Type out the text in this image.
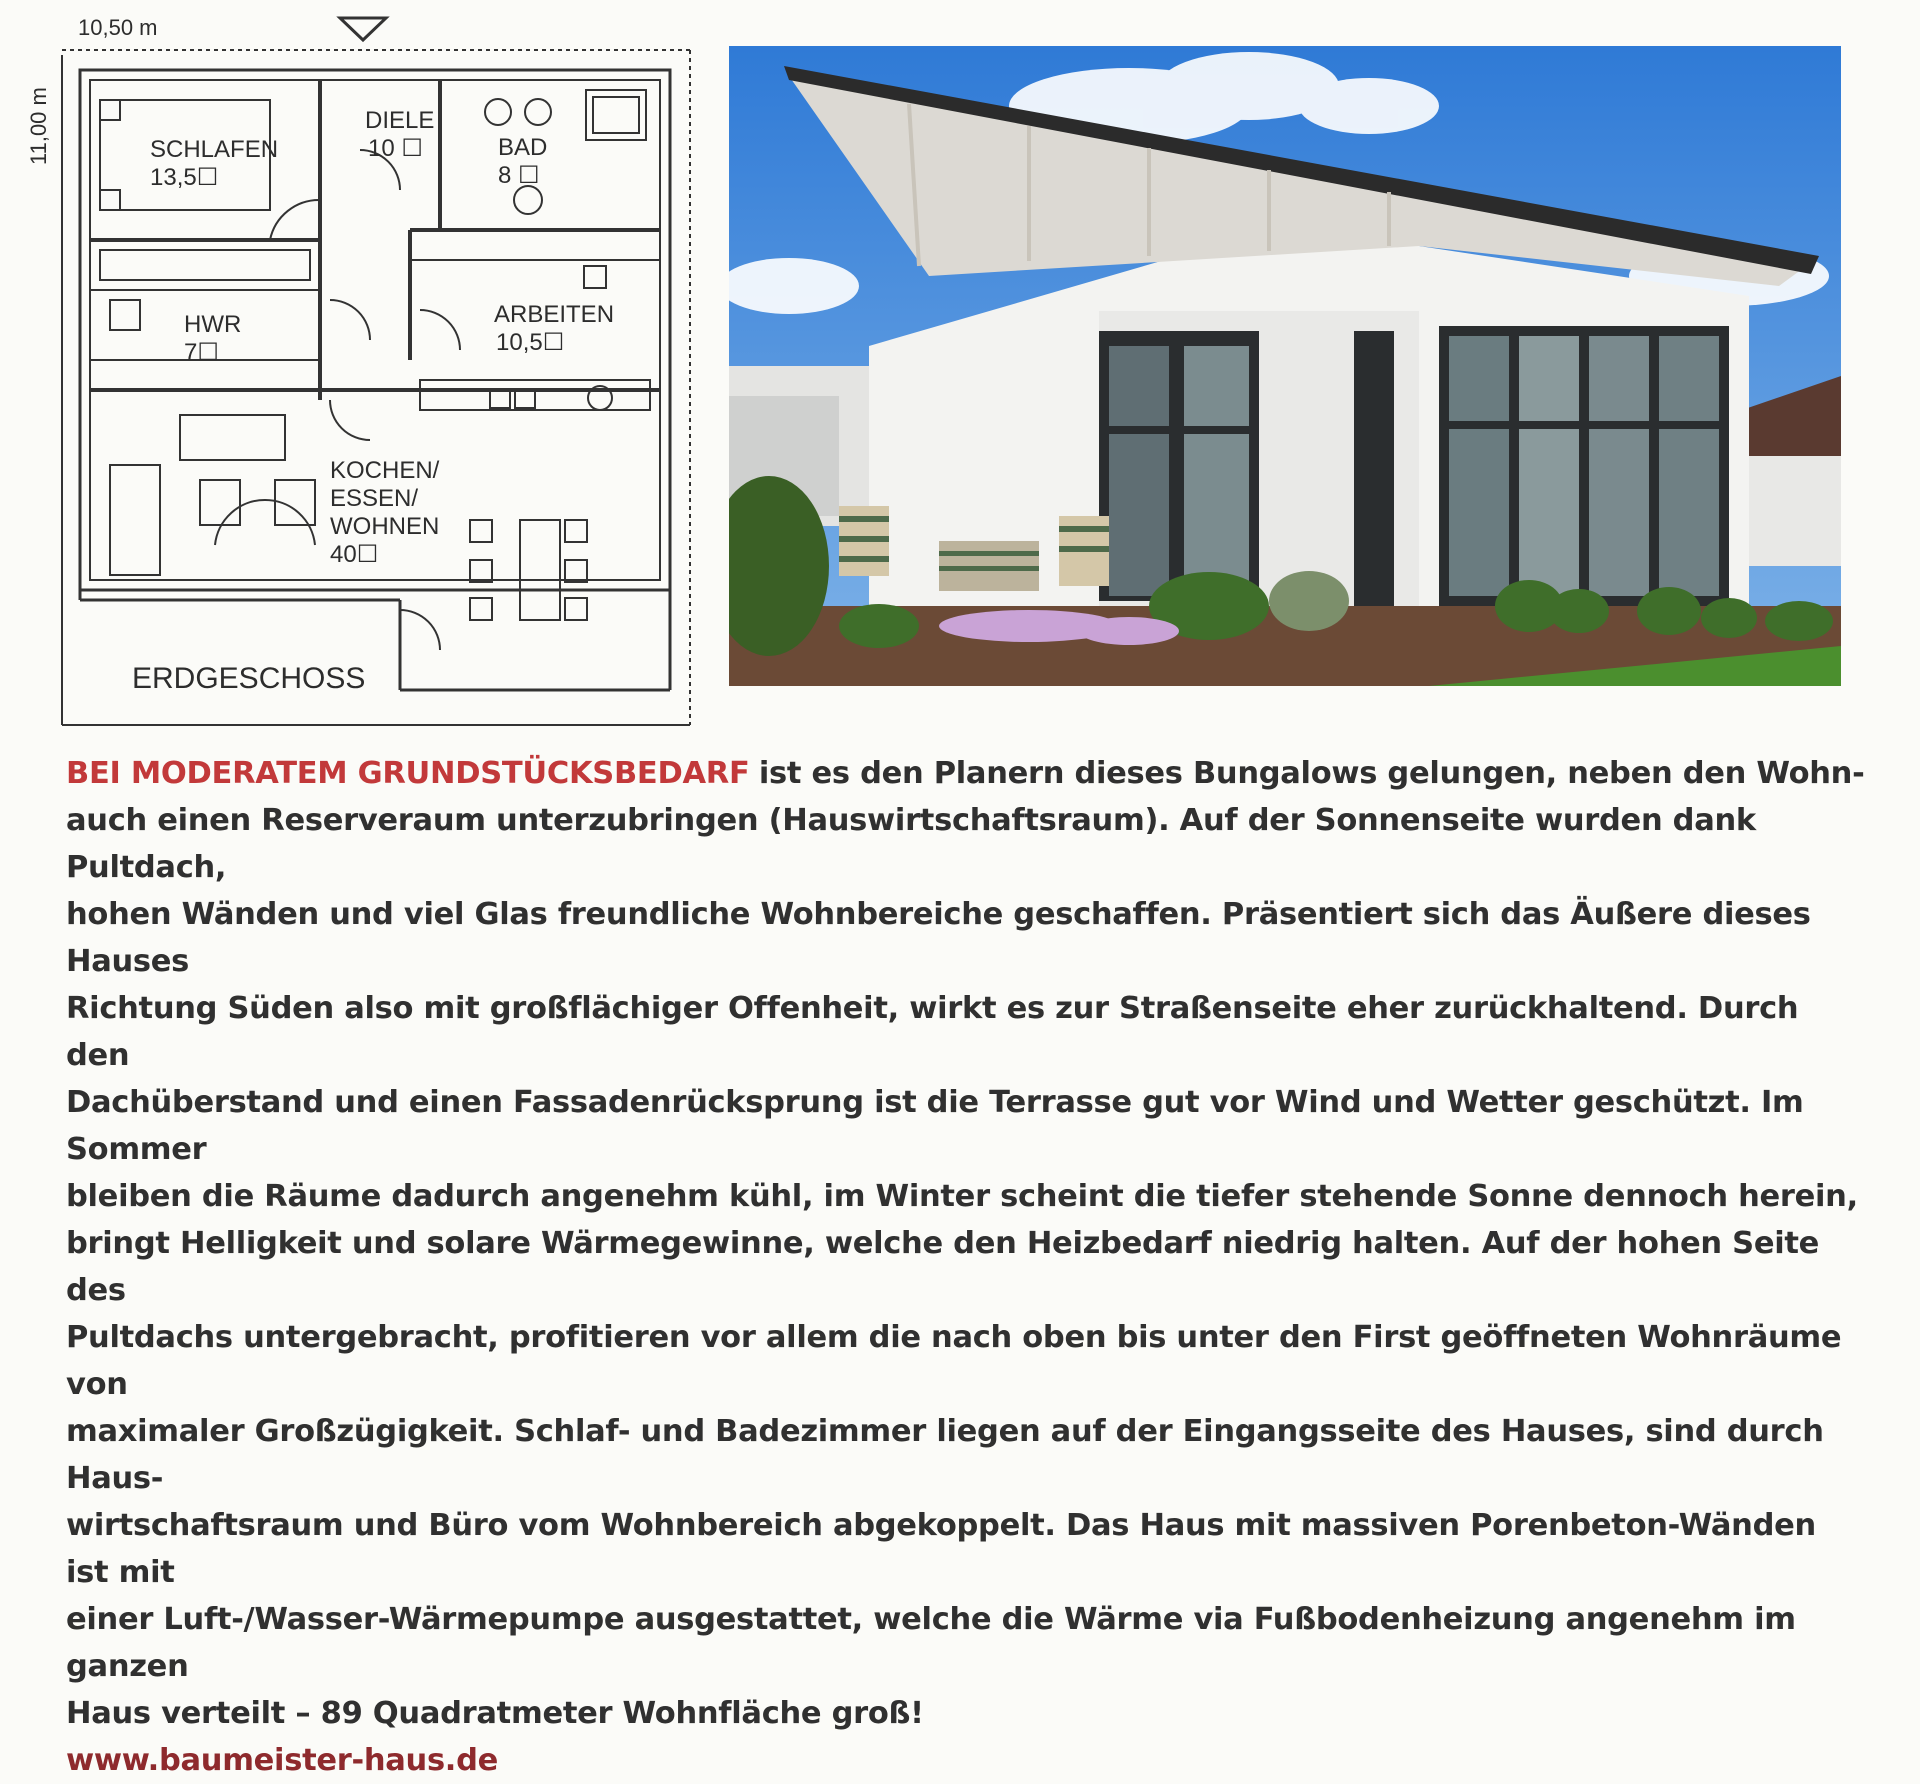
10,50 m
11,00 m	SCHLAFEN
13,5☐
DIELE
10 ☐	BAD
8 ☐
HWR
7☐
ARBEITEN
10,5☐
KOCHEN/
ESSEN/
WOHNEN
40☐
ERDGESCHOSS
BEI MODERATEM GRUNDSTÜCKSBEDARF ist es den Planern dieses Bungalows gelungen, neben den Wohn-
auch einen Reserveraum unterzubringen (Hauswirtschaftsraum). Auf der Sonnenseite wurden dank Pultdach,
hohen Wänden und viel Glas freundliche Wohnbereiche geschaffen. Präsentiert sich das Äußere dieses Hauses
Richtung Süden also mit großflächiger Offenheit, wirkt es zur Straßenseite eher zurückhaltend. Durch den
Dachüberstand und einen Fassadenrücksprung ist die Terrasse gut vor Wind und Wetter geschützt. Im Sommer
bleiben die Räume dadurch angenehm kühl, im Winter scheint die tiefer stehende Sonne dennoch herein,
bringt Helligkeit und solare Wärmegewinne, welche den Heizbedarf niedrig halten. Auf der hohen Seite des
Pultdachs untergebracht, profitieren vor allem die nach oben bis unter den First geöffneten Wohnräume von
maximaler Großzügigkeit. Schlaf- und Badezimmer liegen auf der Eingangsseite des Hauses, sind durch Haus-
wirtschaftsraum und Büro vom Wohnbereich abgekoppelt. Das Haus mit massiven Porenbeton-Wänden ist mit
einer Luft-/Wasser-Wärmepumpe ausgestattet, welche die Wärme via Fußbodenheizung angenehm im ganzen
Haus verteilt – 89 Quadratmeter Wohnfläche groß!
www.baumeister-haus.de
